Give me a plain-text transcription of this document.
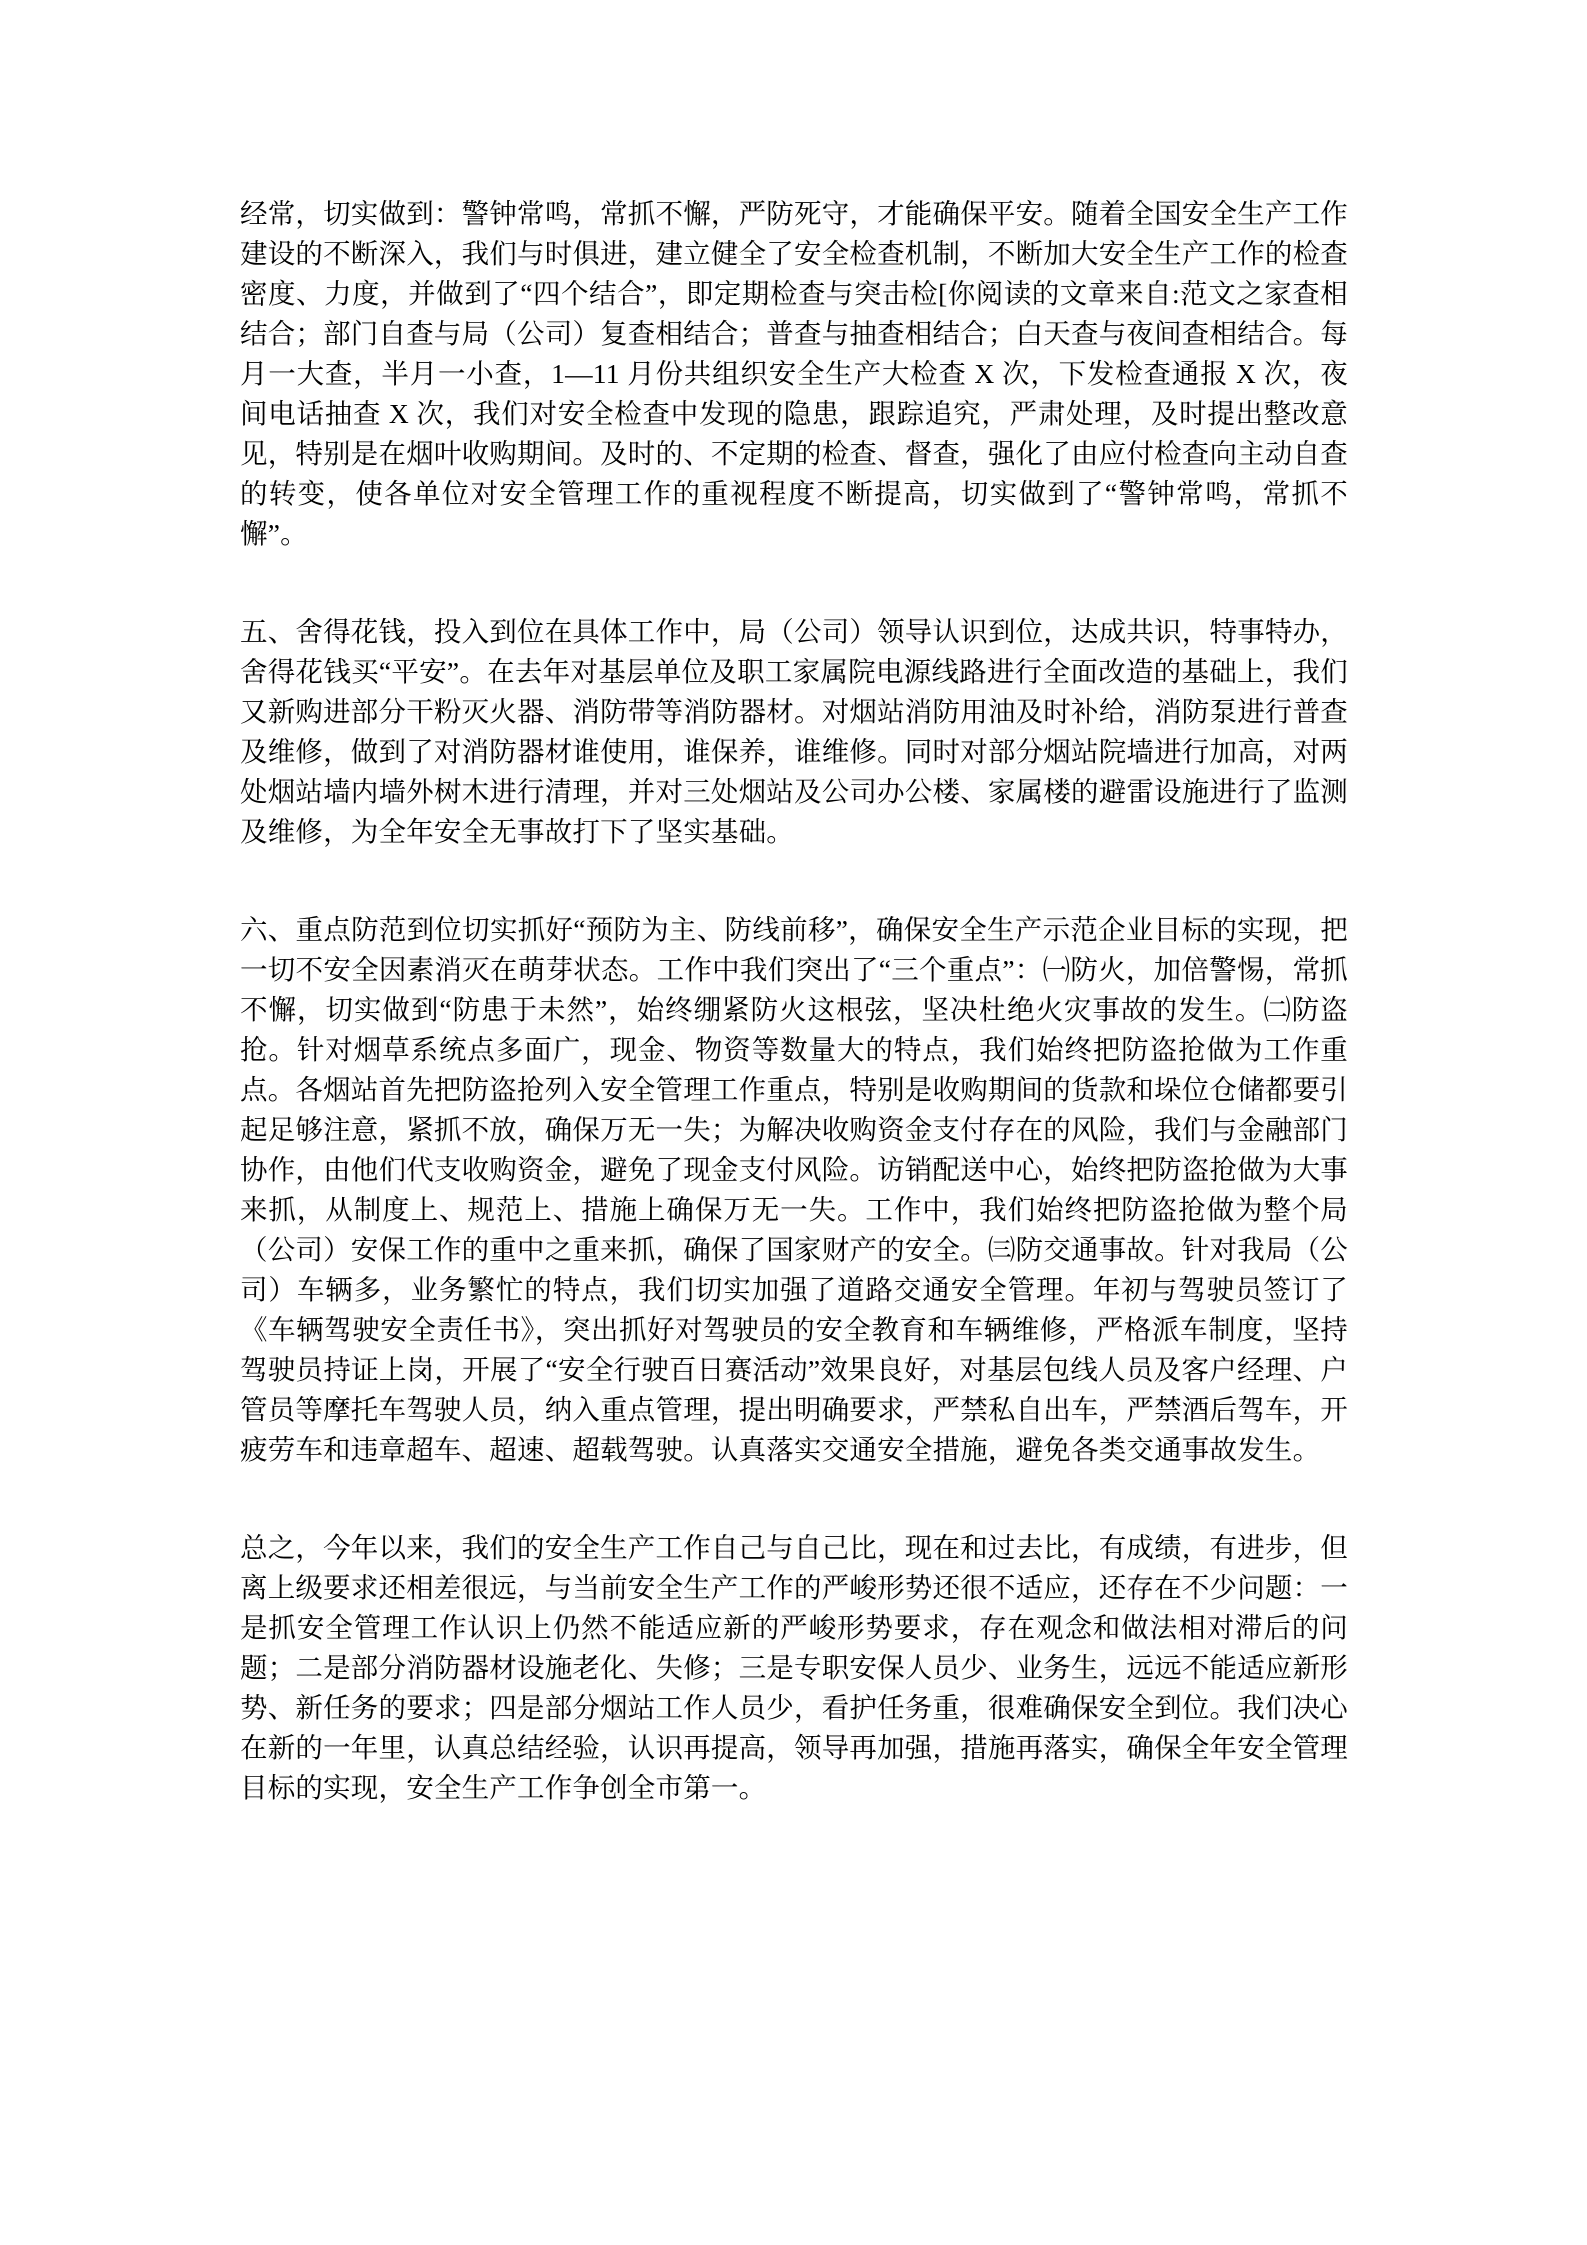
经常，切实做到：警钟常鸣，常抓不懈，严防死守，才能确保平安。随着全国安全生产工作建设的不断深入，我们与时俱进，建立健全了安全检查机制，不断加大安全生产工作的检查密度、力度，并做到了“四个结合”，即定期检查与突击检[你阅读的文章来自:范文之家查相结合；部门自查与局（公司）复查相结合；普查与抽查相结合；白天查与夜间查相结合。每月一大查，半月一小查，1—11 月份共组织安全生产大检查 X 次，下发检查通报 X 次，夜间电话抽查 X 次，我们对安全检查中发现的隐患，跟踪追究，严肃处理，及时提出整改意见，特别是在烟叶收购期间。及时的、不定期的检查、督查，强化了由应付检查向主动自查的转变，使各单位对安全管理工作的重视程度不断提高，切实做到了“警钟常鸣，常抓不懈”。

五、舍得花钱，投入到位在具体工作中，局（公司）领导认识到位，达成共识，特事特办，舍得花钱买“平安”。在去年对基层单位及职工家属院电源线路进行全面改造的基础上，我们又新购进部分干粉灭火器、消防带等消防器材。对烟站消防用油及时补给，消防泵进行普查及维修，做到了对消防器材谁使用，谁保养，谁维修。同时对部分烟站院墙进行加高，对两处烟站墙内墙外树木进行清理，并对三处烟站及公司办公楼、家属楼的避雷设施进行了监测及维修，为全年安全无事故打下了坚实基础。

六、重点防范到位切实抓好“预防为主、防线前移”，确保安全生产示范企业目标的实现，把一切不安全因素消灭在萌芽状态。工作中我们突出了“三个重点”：㈠防火，加倍警惕，常抓不懈，切实做到“防患于未然”，始终绷紧防火这根弦，坚决杜绝火灾事故的发生。㈡防盗抢。针对烟草系统点多面广，现金、物资等数量大的特点，我们始终把防盗抢做为工作重点。各烟站首先把防盗抢列入安全管理工作重点，特别是收购期间的货款和垛位仓储都要引起足够注意，紧抓不放，确保万无一失；为解决收购资金支付存在的风险，我们与金融部门协作，由他们代支收购资金，避免了现金支付风险。访销配送中心，始终把防盗抢做为大事来抓，从制度上、规范上、措施上确保万无一失。工作中，我们始终把防盗抢做为整个局（公司）安保工作的重中之重来抓，确保了国家财产的安全。㈢防交通事故。针对我局（公司）车辆多，业务繁忙的特点，我们切实加强了道路交通安全管理。年初与驾驶员签订了《车辆驾驶安全责任书》，突出抓好对驾驶员的安全教育和车辆维修，严格派车制度，坚持驾驶员持证上岗，开展了“安全行驶百日赛活动”效果良好，对基层包线人员及客户经理、户管员等摩托车驾驶人员，纳入重点管理，提出明确要求，严禁私自出车，严禁酒后驾车，开疲劳车和违章超车、超速、超载驾驶。认真落实交通安全措施，避免各类交通事故发生。

总之，今年以来，我们的安全生产工作自己与自己比，现在和过去比，有成绩，有进步，但离上级要求还相差很远，与当前安全生产工作的严峻形势还很不适应，还存在不少问题：一是抓安全管理工作认识上仍然不能适应新的严峻形势要求，存在观念和做法相对滞后的问题；二是部分消防器材设施老化、失修；三是专职安保人员少、业务生，远远不能适应新形势、新任务的要求；四是部分烟站工作人员少，看护任务重，很难确保安全到位。我们决心在新的一年里，认真总结经验，认识再提高，领导再加强，措施再落实，确保全年安全管理目标的实现，安全生产工作争创全市第一。
